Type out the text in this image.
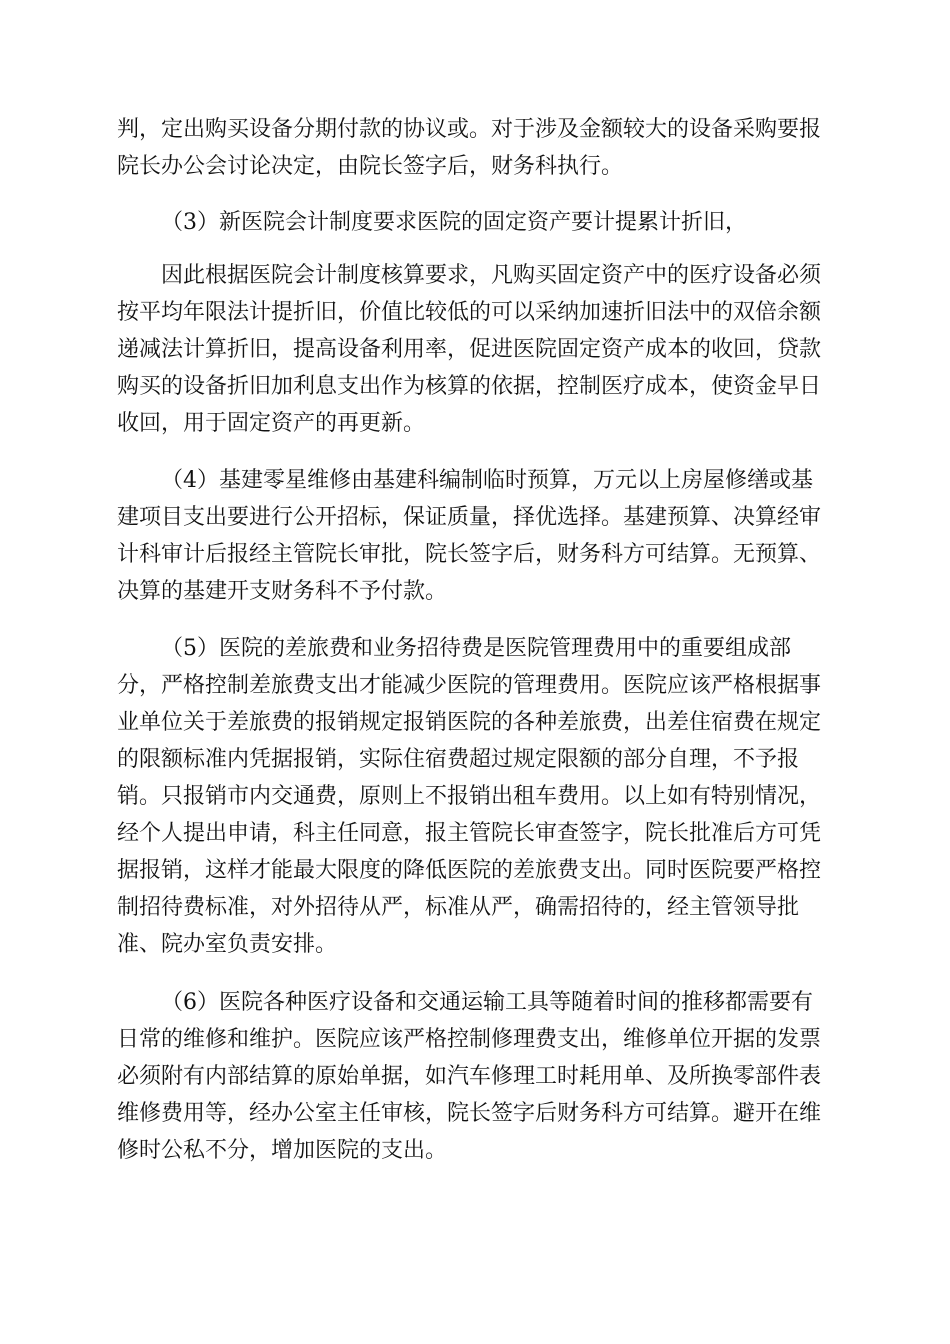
判，定出购买设备分期付款的协议或。对于涉及金额较大的设备采购要报
院长办公会讨论决定，由院长签字后，财务科执行。
（3）新医院会计制度要求医院的固定资产要计提累计折旧，
因此根据医院会计制度核算要求，凡购买固定资产中的医疗设备必须
按平均年限法计提折旧，价值比较低的可以采纳加速折旧法中的双倍余额
递减法计算折旧，提高设备利用率，促进医院固定资产成本的收回，贷款
购买的设备折旧加利息支出作为核算的依据，控制医疗成本，使资金早日
收回，用于固定资产的再更新。
（4）基建零星维修由基建科编制临时预算，万元以上房屋修缮或基
建项目支出要进行公开招标，保证质量，择优选择。基建预算、决算经审
计科审计后报经主管院长审批，院长签字后，财务科方可结算。无预算、
决算的基建开支财务科不予付款。
（5）医院的差旅费和业务招待费是医院管理费用中的重要组成部
分，严格控制差旅费支出才能减少医院的管理费用。医院应该严格根据事
业单位关于差旅费的报销规定报销医院的各种差旅费，出差住宿费在规定
的限额标准内凭据报销，实际住宿费超过规定限额的部分自理，不予报
销。只报销市内交通费，原则上不报销出租车费用。以上如有特别情况，
经个人提出申请，科主任同意，报主管院长审查签字，院长批准后方可凭
据报销，这样才能最大限度的降低医院的差旅费支出。同时医院要严格控
制招待费标准，对外招待从严，标准从严，确需招待的，经主管领导批
准、院办室负责安排。
（6）医院各种医疗设备和交通运输工具等随着时间的推移都需要有
日常的维修和维护。医院应该严格控制修理费支出，维修单位开据的发票
必须附有内部结算的原始单据，如汽车修理工时耗用单、及所换零部件表
维修费用等，经办公室主任审核，院长签字后财务科方可结算。避开在维
修时公私不分，增加医院的支出。
